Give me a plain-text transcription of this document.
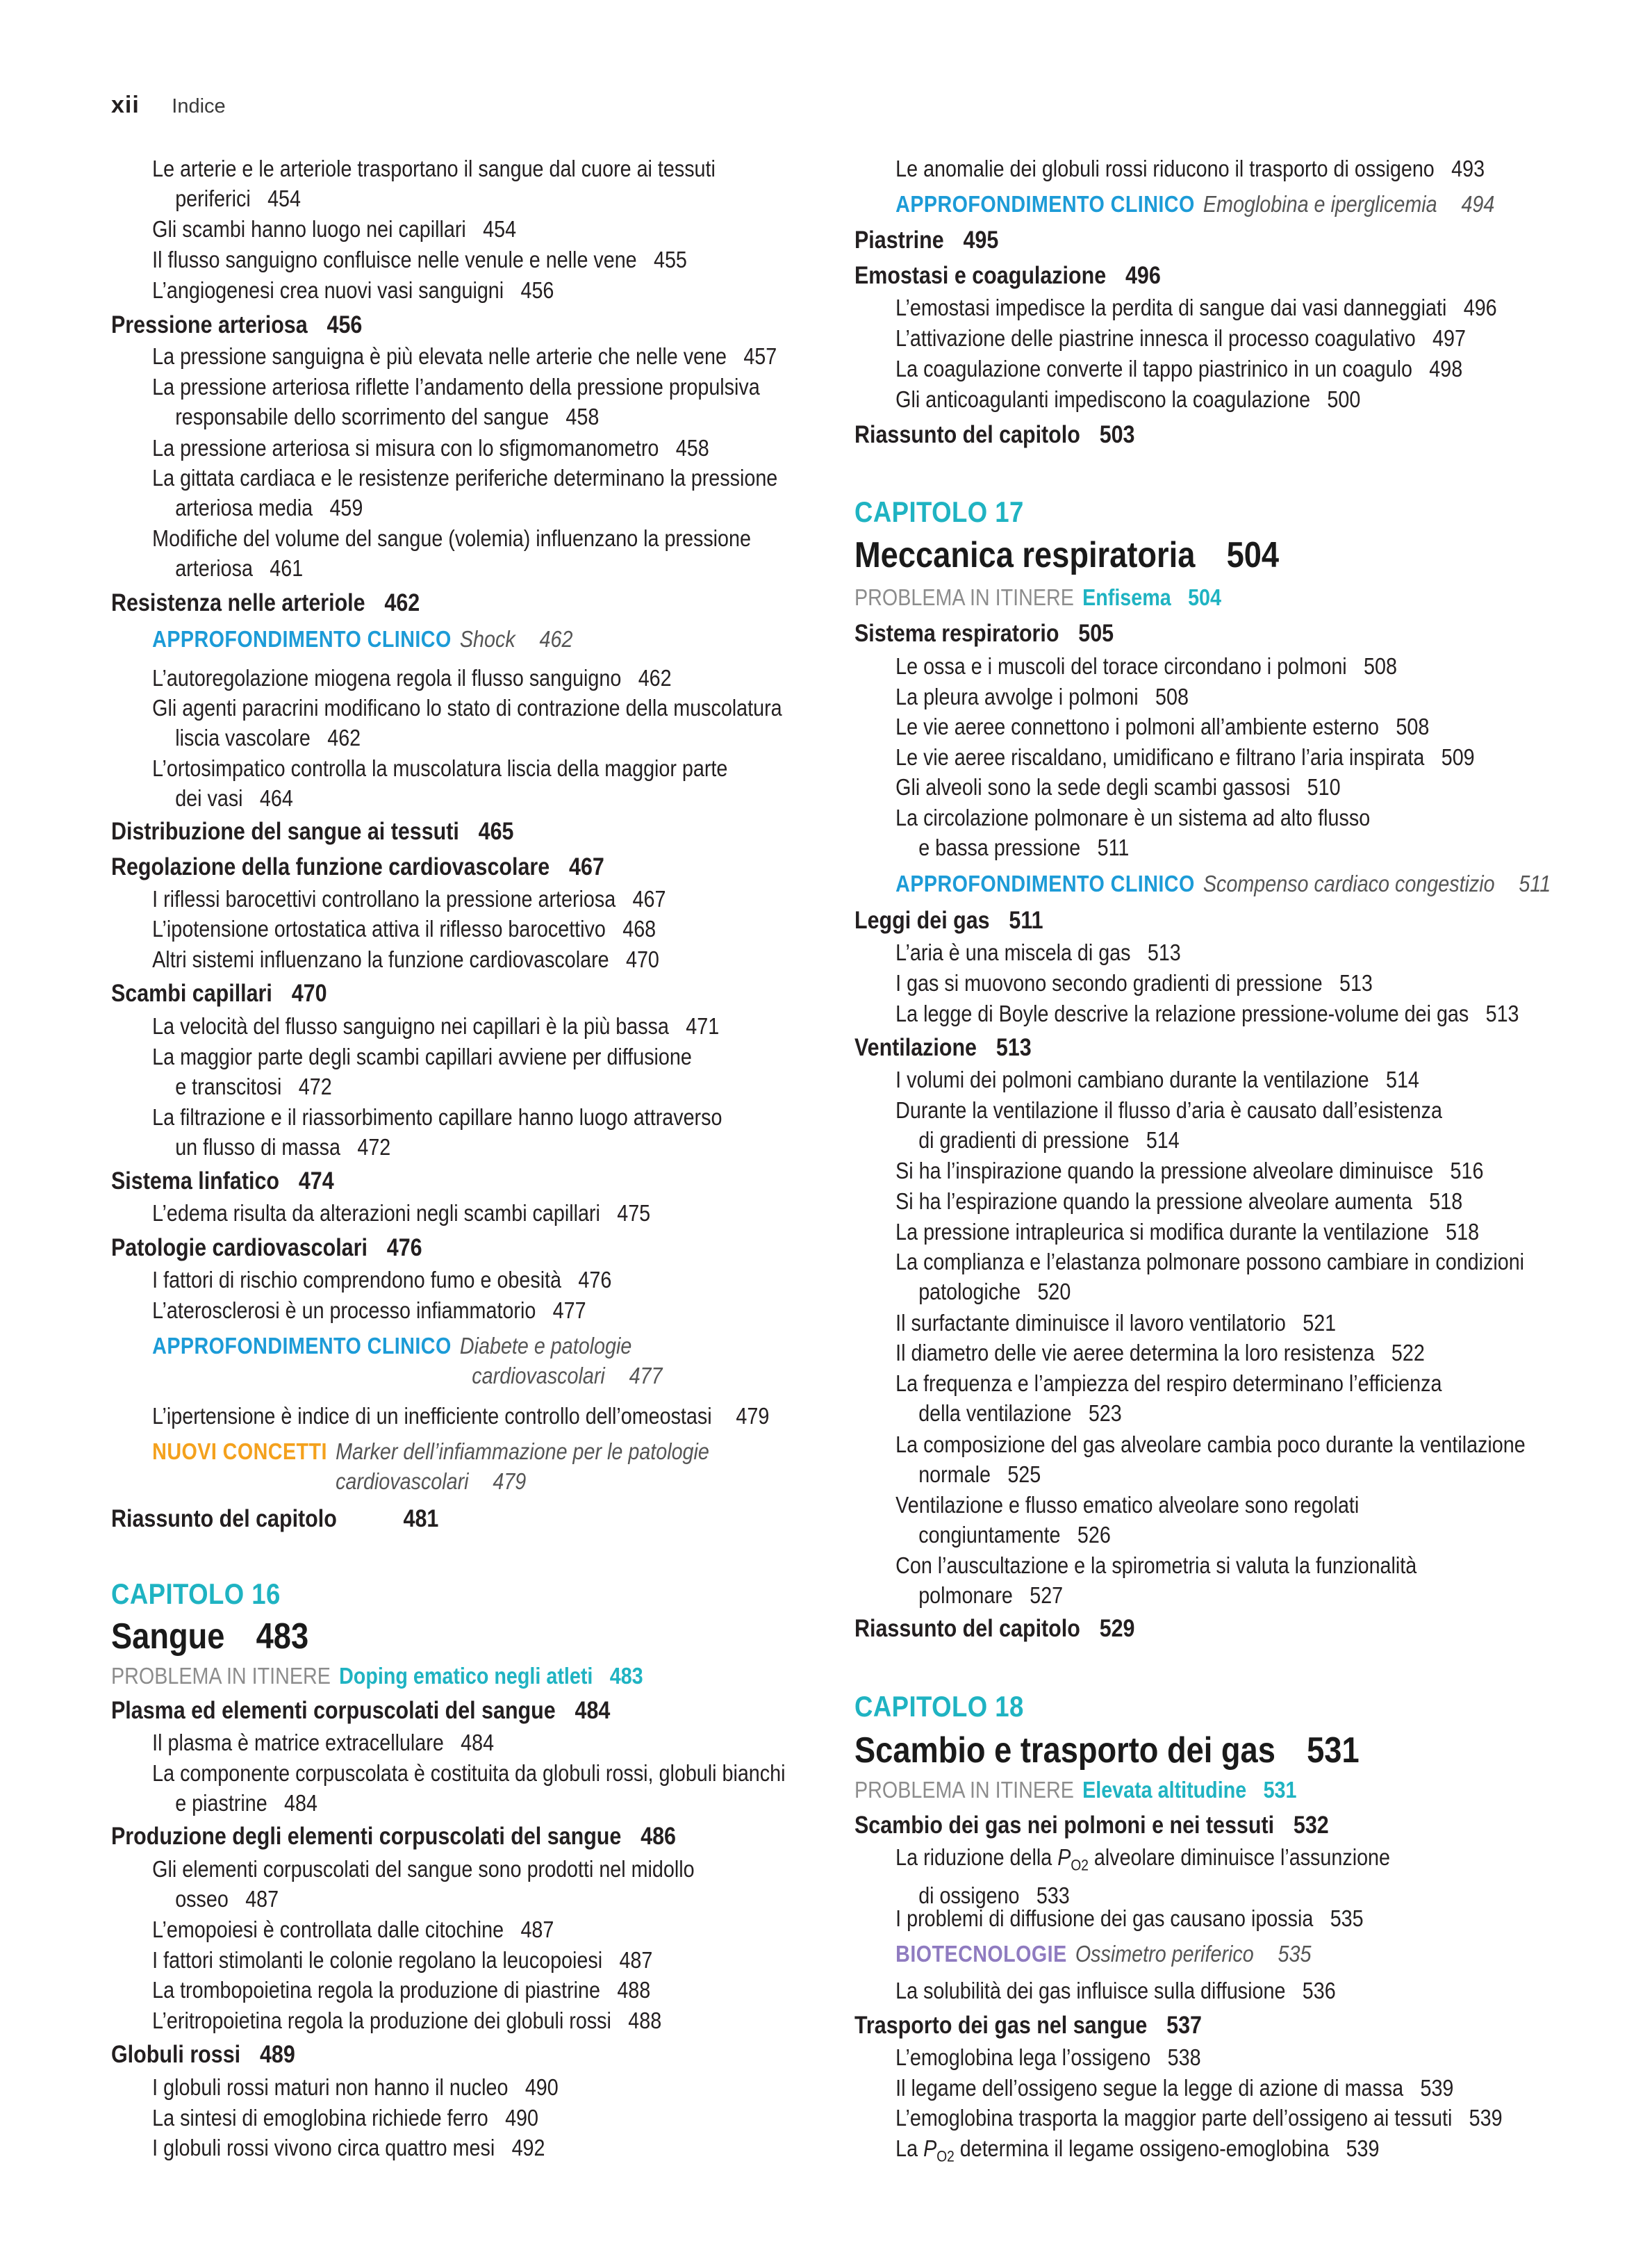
xii Indice
Le arterie e le arteriole trasportano il sangue dal cuore ai tessuti
periferici 454
Gli scambi hanno luogo nei capillari 454
Il flusso sanguigno confluisce nelle venule e nelle vene 455
L’angiogenesi crea nuovi vasi sanguigni 456
Pressione arteriosa 456
La pressione sanguigna è più elevata nelle arterie che nelle vene 457
La pressione arteriosa riflette l’andamento della pressione propulsiva
responsabile dello scorrimento del sangue 458
La pressione arteriosa si misura con lo sfigmomanometro 458
La gittata cardiaca e le resistenze periferiche determinano la pressione
arteriosa media 459
Modifiche del volume del sangue (volemia) influenzano la pressione
arteriosa 461
Resistenza nelle arteriole 462
APPROFONDIMENTO CLINICO Shock 462
L’autoregolazione miogena regola il flusso sanguigno 462
Gli agenti paracrini modificano lo stato di contrazione della muscolatura
liscia vascolare 462
L’ortosimpatico controlla la muscolatura liscia della maggior parte
dei vasi 464
Distribuzione del sangue ai tessuti 465
Regolazione della funzione cardiovascolare 467
I riflessi barocettivi controllano la pressione arteriosa 467
L’ipotensione ortostatica attiva il riflesso barocettivo 468
Altri sistemi influenzano la funzione cardiovascolare 470
Scambi capillari 470
La velocità del flusso sanguigno nei capillari è la più bassa 471
La maggior parte degli scambi capillari avviene per diffusione
e transcitosi 472
La filtrazione e il riassorbimento capillare hanno luogo attraverso
un flusso di massa 472
Sistema linfatico 474
L’edema risulta da alterazioni negli scambi capillari 475
Patologie cardiovascolari 476
I fattori di rischio comprendono fumo e obesità 476
L’aterosclerosi è un processo infiammatorio 477
APPROFONDIMENTO CLINICO Diabete e patologie
cardiovascolari 477
L’ipertensione è indice di un inefficiente controllo dell’omeostasi 479
NUOVI CONCETTI Marker dell’infiammazione per le patologie
cardiovascolari 479
Riassunto del capitolo	481
CAPITOLO 16
Sangue 483
PROBLEMA IN ITINERE Doping ematico negli atleti 483
Plasma ed elementi corpuscolati del sangue 484
Il plasma è matrice extracellulare 484
La componente corpuscolata è costituita da globuli rossi, globuli bianchi
e piastrine 484
Produzione degli elementi corpuscolati del sangue 486
Gli elementi corpuscolati del sangue sono prodotti nel midollo
osseo 487
L’emopoiesi è controllata dalle citochine 487
I fattori stimolanti le colonie regolano la leucopoiesi 487
La trombopoietina regola la produzione di piastrine 488
L’eritropoietina regola la produzione dei globuli rossi 488
Globuli rossi 489
I globuli rossi maturi non hanno il nucleo 490
La sintesi di emoglobina richiede ferro 490
I globuli rossi vivono circa quattro mesi 492
Le anomalie dei globuli rossi riducono il trasporto di ossigeno 493
APPROFONDIMENTO CLINICO Emoglobina e iperglicemia 494
Piastrine 495
Emostasi e coagulazione 496
L’emostasi impedisce la perdita di sangue dai vasi danneggiati 496
L’attivazione delle piastrine innesca il processo coagulativo 497
La coagulazione converte il tappo piastrinico in un coagulo 498
Gli anticoagulanti impediscono la coagulazione 500
Riassunto del capitolo 503
CAPITOLO 17
Meccanica respiratoria 504
PROBLEMA IN ITINERE Enfisema 504
Sistema respiratorio 505
Le ossa e i muscoli del torace circondano i polmoni 508
La pleura avvolge i polmoni 508
Le vie aeree connettono i polmoni all’ambiente esterno 508
Le vie aeree riscaldano, umidificano e filtrano l’aria inspirata 509
Gli alveoli sono la sede degli scambi gassosi 510
La circolazione polmonare è un sistema ad alto flusso
e bassa pressione 511
APPROFONDIMENTO CLINICO Scompenso cardiaco congestizio 511
Leggi dei gas 511
L’aria è una miscela di gas 513
I gas si muovono secondo gradienti di pressione 513
La legge di Boyle descrive la relazione pressione-volume dei gas 513
Ventilazione 513
I volumi dei polmoni cambiano durante la ventilazione 514
Durante la ventilazione il flusso d’aria è causato dall’esistenza
di gradienti di pressione 514
Si ha l’inspirazione quando la pressione alveolare diminuisce 516
Si ha l’espirazione quando la pressione alveolare aumenta 518
La pressione intrapleurica si modifica durante la ventilazione 518
La complianza e l’elastanza polmonare possono cambiare in condizioni
patologiche 520
Il surfactante diminuisce il lavoro ventilatorio 521
Il diametro delle vie aeree determina la loro resistenza 522
La frequenza e l’ampiezza del respiro determinano l’efficienza
della ventilazione 523
La composizione del gas alveolare cambia poco durante la ventilazione
normale 525
Ventilazione e flusso ematico alveolare sono regolati
congiuntamente 526
Con l’auscultazione e la spirometria si valuta la funzionalità
polmonare 527
Riassunto del capitolo 529
CAPITOLO 18
Scambio e trasporto dei gas 531
PROBLEMA IN ITINERE Elevata altitudine 531
Scambio dei gas nei polmoni e nei tessuti 532
La riduzione della $P_{O2}$ alveolare diminuisce l’assunzione
di ossigeno 533
I problemi di diffusione dei gas causano ipossia 535
BIOTECNOLOGIE Ossimetro periferico 535
La solubilità dei gas influisce sulla diffusione 536
Trasporto dei gas nel sangue 537
L’emoglobina lega l’ossigeno 538
Il legame dell’ossigeno segue la legge di azione di massa 539
L’emoglobina trasporta la maggior parte dell’ossigeno ai tessuti 539
La $P_{O2}$ determina il legame ossigeno-emoglobina 539
